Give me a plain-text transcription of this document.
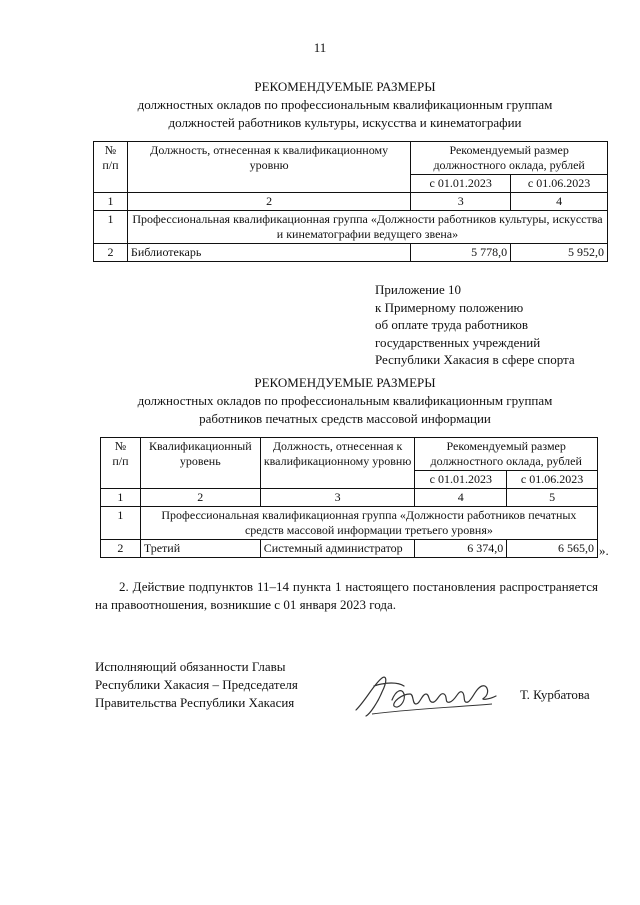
11
РЕКОМЕНДУЕМЫЕ РАЗМЕРЫ
должностных окладов по профессиональным квалификационным группам
должностей работников культуры, искусства и кинематографии
№
п/п	Должность, отнесенная к квалификационному уровню	Рекомендуемый размер должностного оклада, рублей	
		с 01.01.2023	с 01.06.2023
1	2	3	4
1	Профессиональная квалификационная группа «Должности работников культуры, искусства и кинематографии ведущего звена»		
2	Библиотекарь	5 778,0	5 952,0
Приложение 10
к Примерному положению
об оплате труда работников
государственных учреждений
Республики Хакасия в сфере спорта
РЕКОМЕНДУЕМЫЕ РАЗМЕРЫ
должностных окладов по профессиональным квалификационным группам
работников печатных средств массовой информации
№
п/п	Квалификационный уровень	Должность, отнесенная к квалификационному уровню	Рекомендуемый размер должностного оклада, рублей	
			с 01.01.2023	с 01.06.2023
1	2	3	4	5
1	Профессиональная квалификационная группа «Должности работников печатных средств массовой информации третьего уровня»			
2	Третий	Системный администратор	6 374,0	6 565,0 ».
2. Действие подпунктов 11–14 пункта 1 настоящего постановления распространяется на правоотношения, возникшие с 01 января 2023 года.
Исполняющий обязанности Главы
Республики Хакасия – Председателя
Правительства Республики Хакасия
Т. Курбатова
